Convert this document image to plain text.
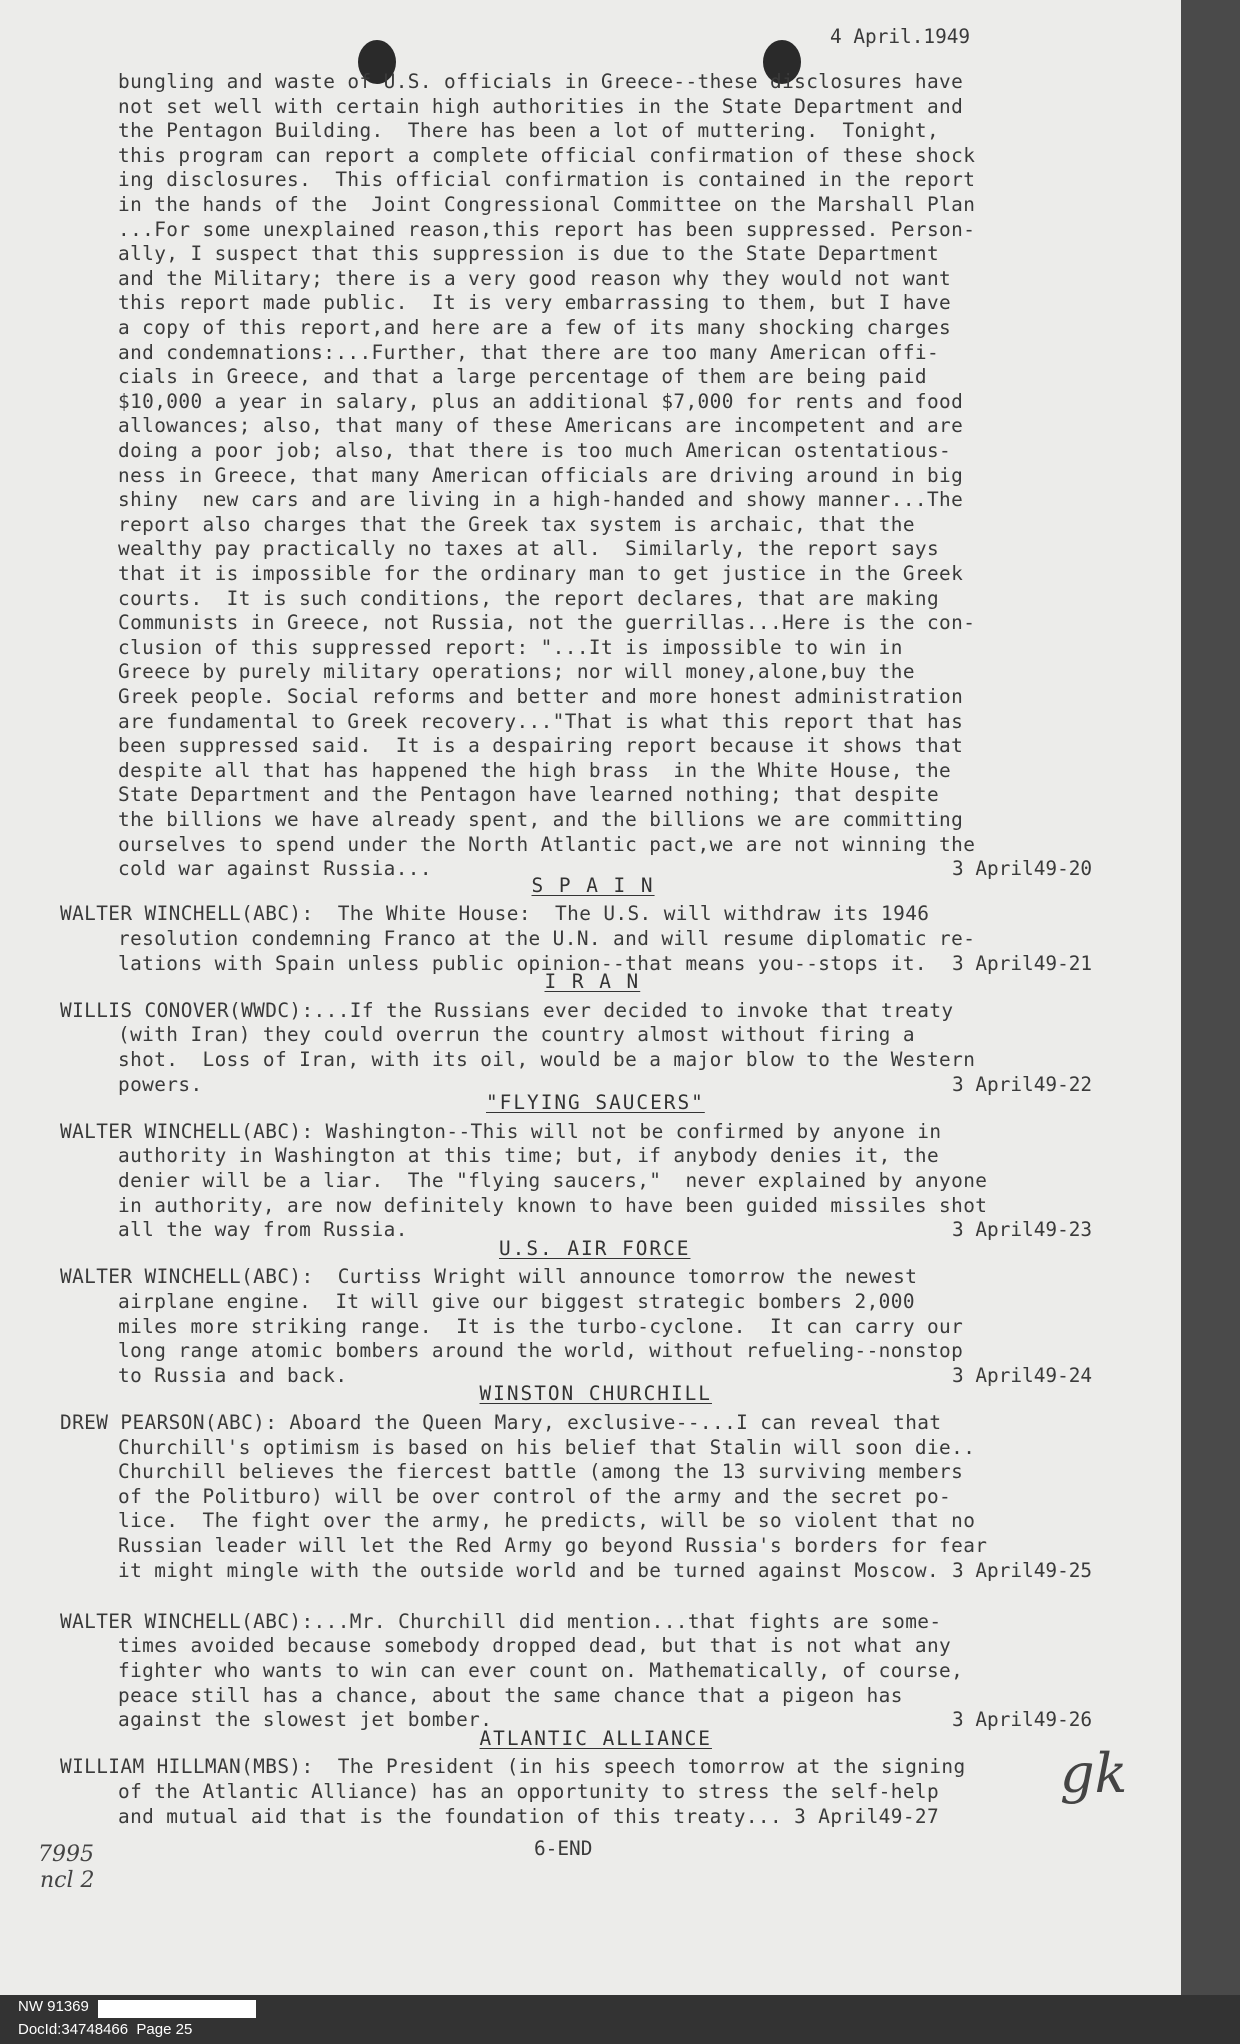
4 April.1949
bungling and waste of U.S. officials in Greece--these disclosures have
not set well with certain high authorities in the State Department and
the Pentagon Building.  There has been a lot of muttering.  Tonight,
this program can report a complete official confirmation of these shock
ing disclosures.  This official confirmation is contained in the report
in the hands of the  Joint Congressional Committee on the Marshall Plan
...For some unexplained reason,this report has been suppressed. Person-
ally, I suspect that this suppression is due to the State Department
and the Military; there is a very good reason why they would not want
this report made public.  It is very embarrassing to them, but I have
a copy of this report,and here are a few of its many shocking charges
and condemnations:...Further, that there are too many American offi-
cials in Greece, and that a large percentage of them are being paid
$10,000 a year in salary, plus an additional $7,000 for rents and food
allowances; also, that many of these Americans are incompetent and are
doing a poor job; also, that there is too much American ostentatious-
ness in Greece, that many American officials are driving around in big
shiny  new cars and are living in a high-handed and showy manner...The
report also charges that the Greek tax system is archaic, that the
wealthy pay practically no taxes at all.  Similarly, the report says
that it is impossible for the ordinary man to get justice in the Greek
courts.  It is such conditions, the report declares, that are making
Communists in Greece, not Russia, not the guerrillas...Here is the con-
clusion of this suppressed report: "...It is impossible to win in
Greece by purely military operations; nor will money,alone,buy the
Greek people. Social reforms and better and more honest administration
are fundamental to Greek recovery..."That is what this report that has
been suppressed said.  It is a despairing report because it shows that
despite all that has happened the high brass  in the White House, the
State Department and the Pentagon have learned nothing; that despite
the billions we have already spent, and the billions we are committing
ourselves to spend under the North Atlantic pact,we are not winning the
cold war against Russia...	3 April49-20
S P A I N
WALTER WINCHELL(ABC):  The White House:  The U.S. will withdraw its 1946
resolution condemning Franco at the U.N. and will resume diplomatic re-
lations with Spain unless public opinion--that means you--stops it. 3 April49-21
I R A N
WILLIS CONOVER(WWDC):...If the Russians ever decided to invoke that treaty
(with Iran) they could overrun the country almost without firing a
shot.  Loss of Iran, with its oil, would be a major blow to the Western
powers.	3 April49-22
"FLYING SAUCERS"
WALTER WINCHELL(ABC): Washington--This will not be confirmed by anyone in
authority in Washington at this time; but, if anybody denies it, the
denier will be a liar.  The "flying saucers,"  never explained by anyone
in authority, are now definitely known to have been guided missiles shot
all the way from Russia.	3 April49-23
U.S. AIR FORCE
WALTER WINCHELL(ABC):  Curtiss Wright will announce tomorrow the newest
airplane engine.  It will give our biggest strategic bombers 2,000
miles more striking range.  It is the turbo-cyclone.  It can carry our
long range atomic bombers around the world, without refueling--nonstop
to Russia and back.	3 April49-24
WINSTON CHURCHILL
DREW PEARSON(ABC): Aboard the Queen Mary, exclusive--...I can reveal that
Churchill's optimism is based on his belief that Stalin will soon die..
Churchill believes the fiercest battle (among the 13 surviving members
of the Politburo) will be over control of the army and the secret po-
lice.  The fight over the army, he predicts, will be so violent that no
Russian leader will let the Red Army go beyond Russia's borders for fear
it might mingle with the outside world and be turned against Moscow. 3 April49-25
WALTER WINCHELL(ABC):...Mr. Churchill did mention...that fights are some-
times avoided because somebody dropped dead, but that is not what any
fighter who wants to win can ever count on. Mathematically, of course,
peace still has a chance, about the same chance that a pigeon has
against the slowest jet bomber.	3 April49-26
ATLANTIC ALLIANCE
WILLIAM HILLMAN(MBS):  The President (in his speech tomorrow at the signing
of the Atlantic Alliance) has an opportunity to stress the self-help
and mutual aid that is the foundation of this treaty... 3 April49-27
6-END
gk
7995
ncl 2
NW 91369
DocId:34748466  Page 25
